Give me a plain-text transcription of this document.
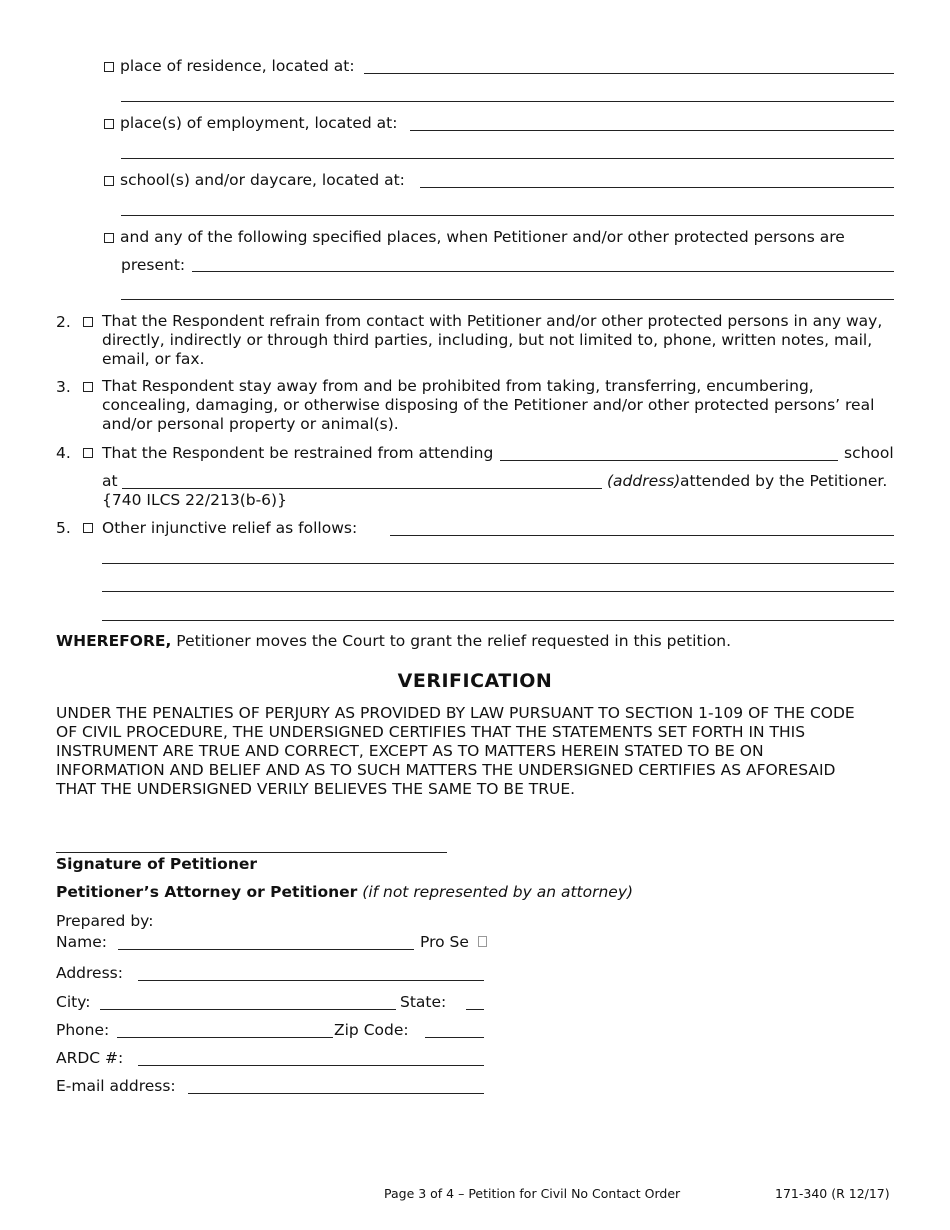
place of residence, located at:
place(s) of employment, located at:
school(s) and/or daycare, located at:
and any of the following specified places, when Petitioner and/or other protected persons are
present:
2. That the Respondent refrain from contact with Petitioner and/or other protected persons in any way, directly, indirectly or through third parties, including, but not limited to, phone, written notes, mail, email, or fax.
3. That Respondent stay away from and be prohibited from taking, transferring, encumbering, concealing, damaging, or otherwise disposing of the Petitioner and/or other protected persons’ real and/or personal property or animal(s).
4. That the Respondent be restrained from attending	school
at	(address) attended by the Petitioner.
{740 ILCS 22/213(b-6)}
5. Other injunctive relief as follows:
WHEREFORE, Petitioner moves the Court to grant the relief requested in this petition.
VERIFICATION
UNDER THE PENALTIES OF PERJURY AS PROVIDED BY LAW PURSUANT TO SECTION 1-109 OF THE CODE
OF CIVIL PROCEDURE, THE UNDERSIGNED CERTIFIES THAT THE STATEMENTS SET FORTH IN THIS
INSTRUMENT ARE TRUE AND CORRECT, EXCEPT AS TO MATTERS HEREIN STATED TO BE ON
INFORMATION AND BELIEF AND AS TO SUCH MATTERS THE UNDERSIGNED CERTIFIES AS AFORESAID
THAT THE UNDERSIGNED VERILY BELIEVES THE SAME TO BE TRUE.
Signature of Petitioner
Petitioner’s Attorney or Petitioner (if not represented by an attorney)
Prepared by:
Name:	Pro Se
Address:
City:	State:
Phone:	Zip Code:
ARDC #:
E-mail address:
Page 3 of 4 – Petition for Civil No Contact Order	171-340 (R 12/17)
